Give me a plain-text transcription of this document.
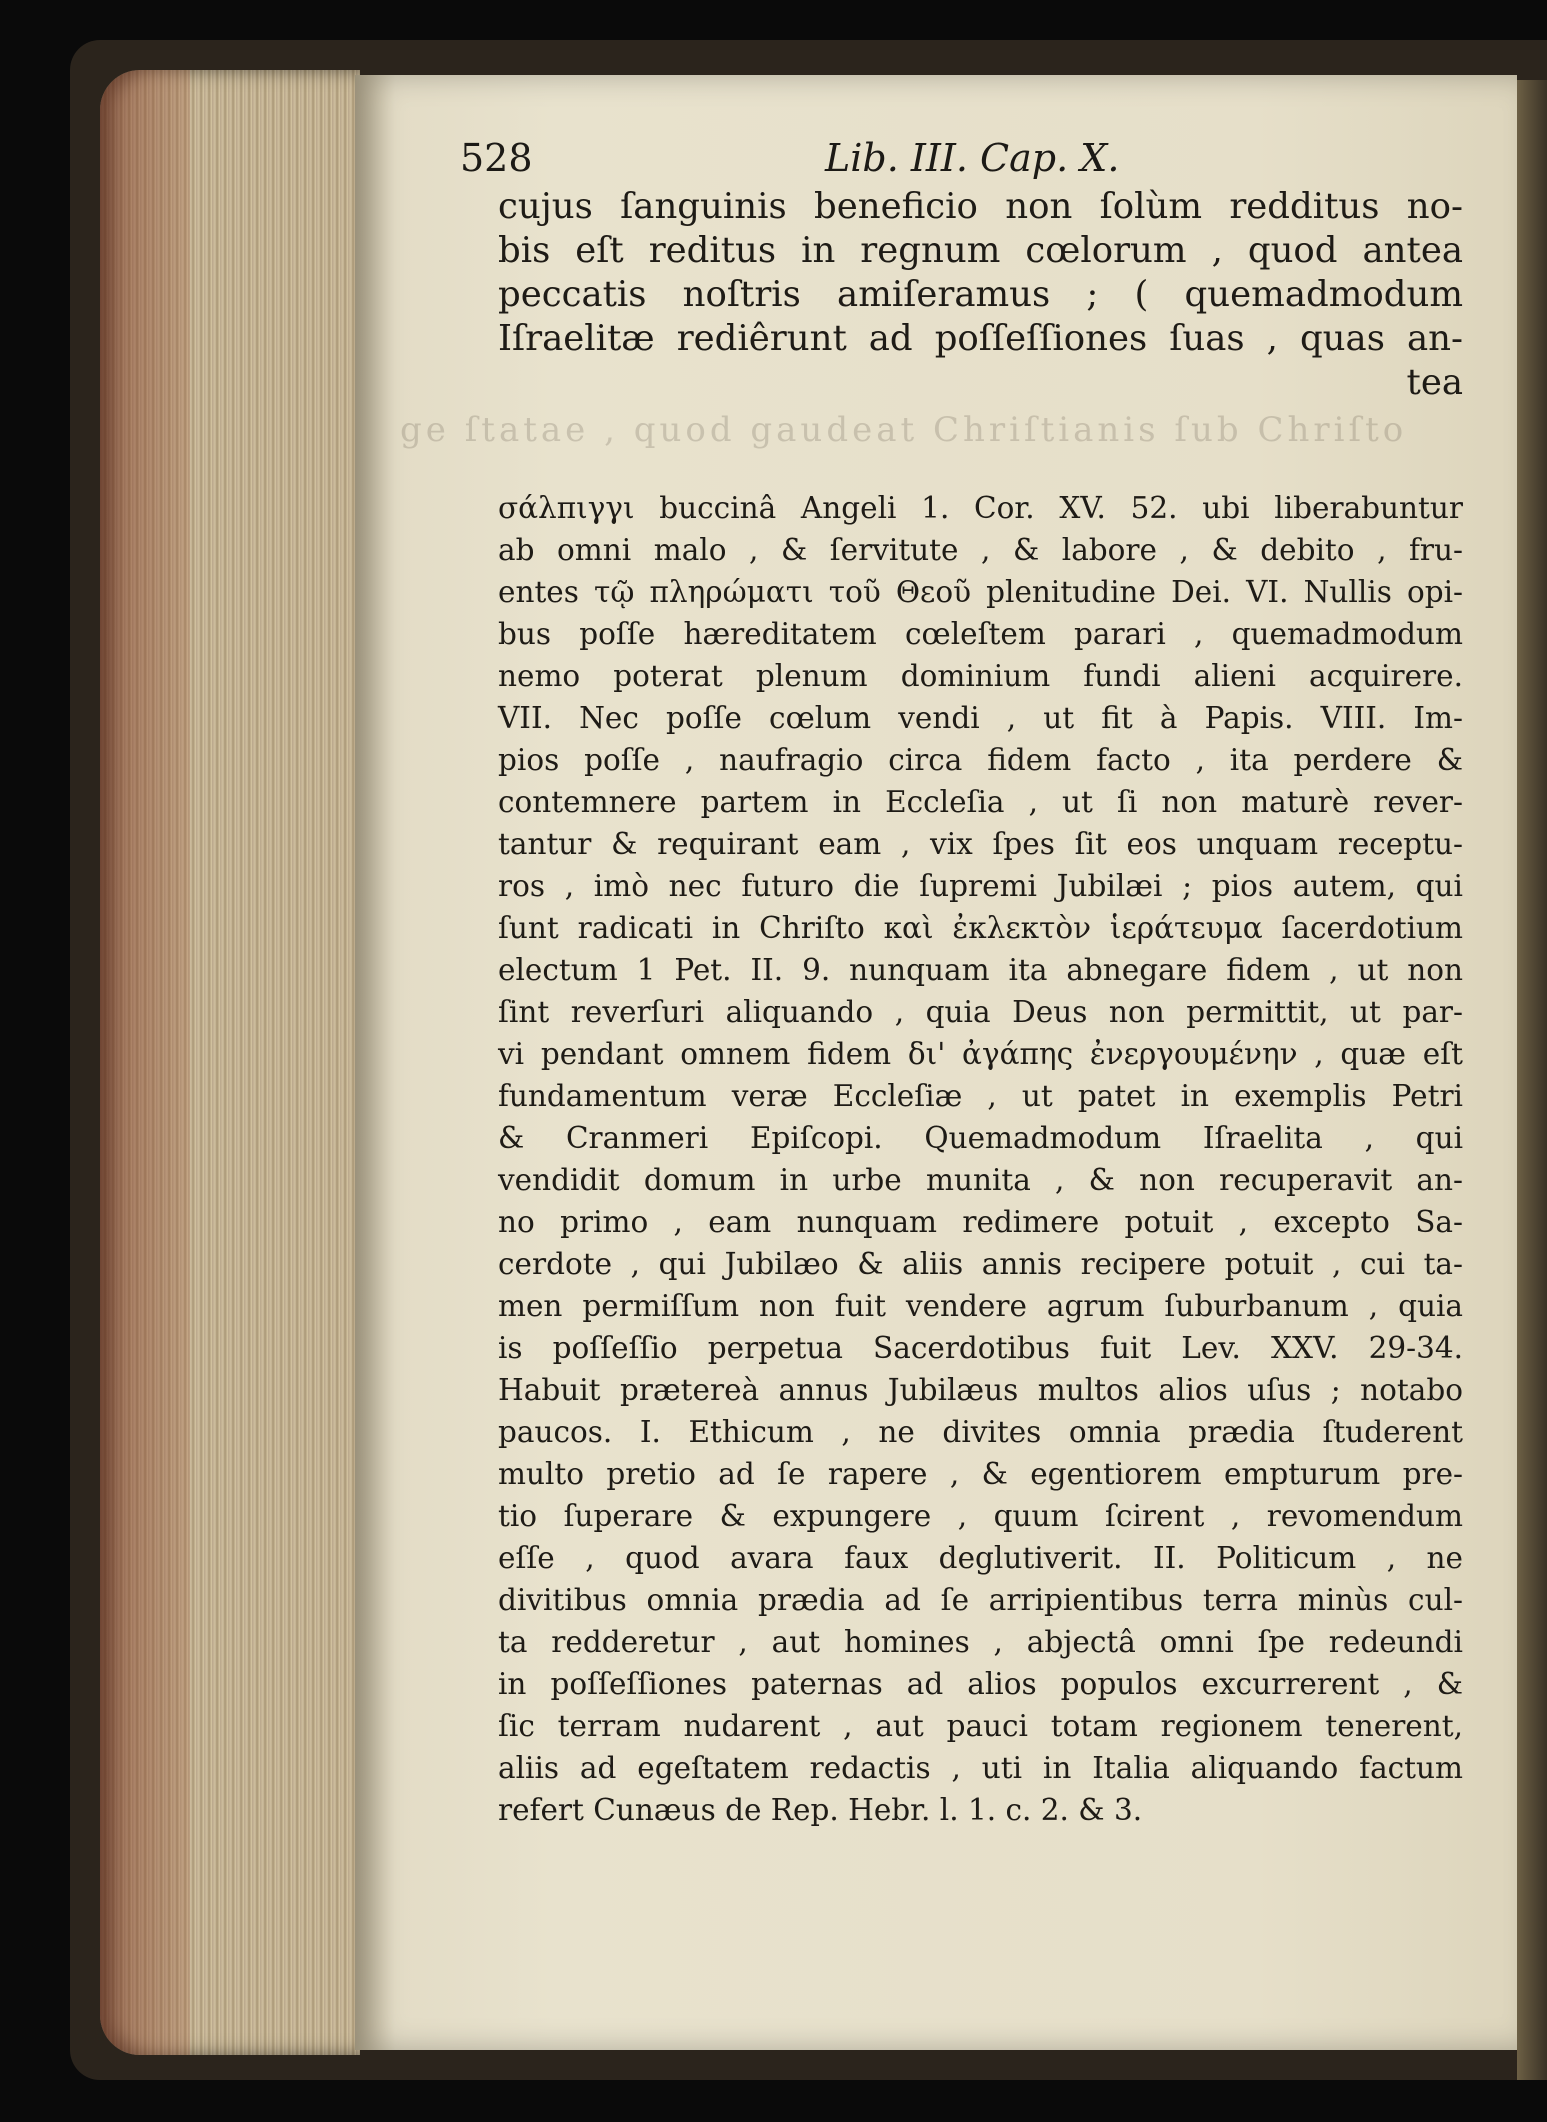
ge ſtatae , quod gaudeat Chriſtianis ſub Chriſto
528	Lib. III. Cap. X.

cujus ſanguinis beneficio non ſolùm redditus no-

bis eſt reditus in regnum cœlorum , quod antea

peccatis noſtris amiſeramus ; ( quemadmodum

Iſraelitæ rediêrunt ad poſſeſſiones ſuas , quas an-

tea

σάλπιγγι buccinâ Angeli 1. Cor. XV. 52. ubi liberabuntur

ab omni malo , & ſervitute , & labore , & debito , fru-

entes τῷ πληρώματι τοῦ Θεοῦ plenitudine Dei. VI. Nullis opi-

bus poſſe hæreditatem cœleſtem parari , quemadmodum

nemo poterat plenum dominium fundi alieni acquirere.

VII. Nec poſſe cœlum vendi , ut fit à Papis. VIII. Im-

pios poſſe , naufragio circa fidem facto , ita perdere &

contemnere partem in Eccleſia , ut ſi non maturè rever-

tantur & requirant eam , vix ſpes ſit eos unquam receptu-

ros , imò nec futuro die ſupremi Jubilæi ; pios autem, qui

ſunt radicati in Chriſto καὶ ἐκλεκτὸν ἱεράτευμα ſacerdotium

electum 1 Pet. II. 9. nunquam ita abnegare fidem , ut non

ſint reverſuri aliquando , quia Deus non permittit, ut par-

vi pendant omnem fidem δι' ἀγάπης ἐνεργουμένην , quæ eſt

fundamentum veræ Eccleſiæ , ut patet in exemplis Petri

& Cranmeri Epiſcopi. Quemadmodum Iſraelita , qui

vendidit domum in urbe munita , & non recuperavit an-

no primo , eam nunquam redimere potuit , excepto Sa-

cerdote , qui Jubilæo & aliis annis recipere potuit , cui ta-

men permiſſum non fuit vendere agrum ſuburbanum , quia

is poſſeſſio perpetua Sacerdotibus fuit Lev. XXV. 29-34.

Habuit prætereà annus Jubilæus multos alios uſus ; notabo

paucos. I. Ethicum , ne divites omnia prædia ſtuderent

multo pretio ad ſe rapere , & egentiorem empturum pre-

tio ſuperare & expungere , quum ſcirent , revomendum

eſſe , quod avara faux deglutiverit. II. Politicum , ne

divitibus omnia prædia ad ſe arripientibus terra minùs cul-

ta redderetur , aut homines , abjectâ omni ſpe redeundi

in poſſeſſiones paternas ad alios populos excurrerent , &

ſic terram nudarent , aut pauci totam regionem tenerent,

aliis ad egeſtatem redactis , uti in Italia aliquando factum

refert Cunæus de Rep. Hebr. l. 1. c. 2. & 3.
